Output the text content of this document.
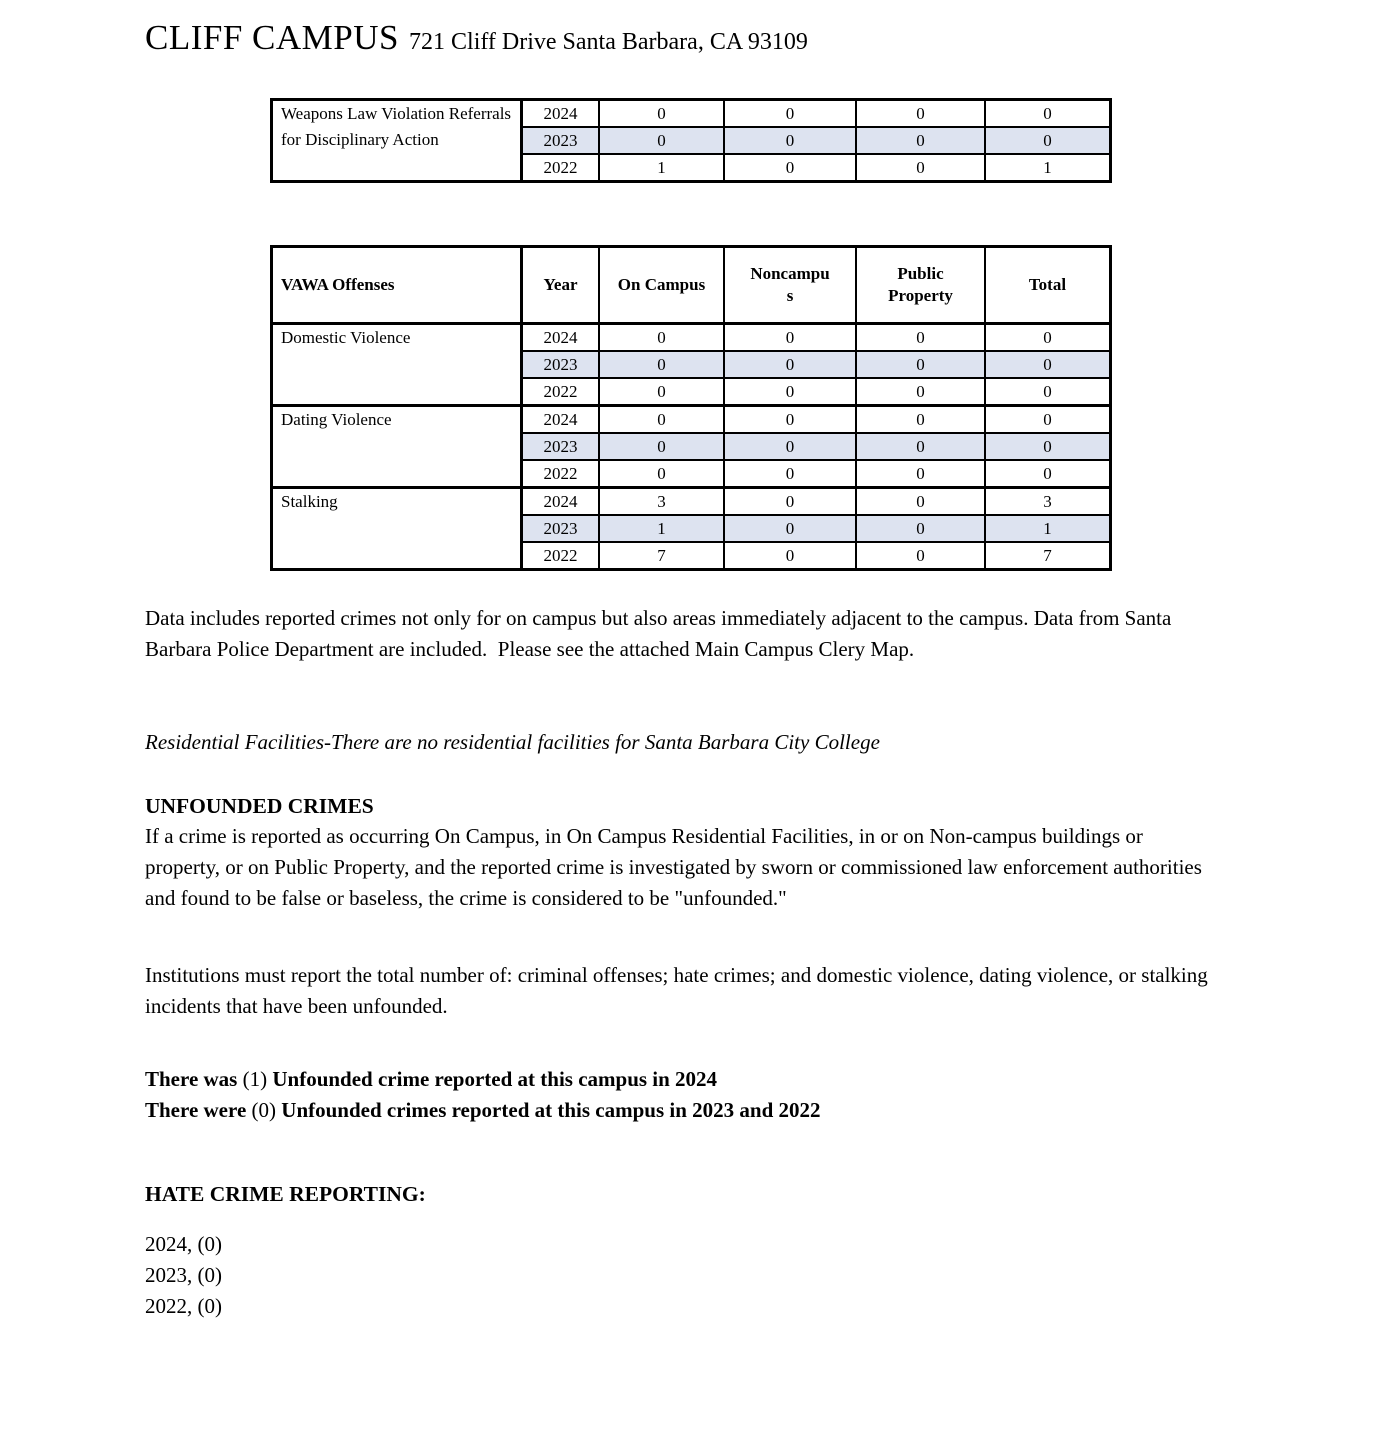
CLIFF CAMPUS 721 Cliff Drive Santa Barbara, CA 93109
Weapons Law Violation Referrals for Disciplinary Action	2024	0	0	0	0
	2023	0	0	0	0
	2022	1	0	0	1
VAWA Offenses	Year	On Campus	Noncampus	Public Property	Total
Domestic Violence	2024	0	0	0	0
	2023	0	0	0	0
	2022	0	0	0	0
Dating Violence	2024	0	0	0	0
	2023	0	0	0	0
	2022	0	0	0	0
Stalking	2024	3	0	0	3
	2023	1	0	0	1
	2022	7	0	0	7

Data includes reported crimes not only for on campus but also areas immediately adjacent to the campus. Data from Santa Barbara Police Department are included.  Please see the attached Main Campus Clery Map.

Residential Facilities-There are no residential facilities for Santa Barbara City College

UNFOUNDED CRIMES

If a crime is reported as occurring On Campus, in On Campus Residential Facilities, in or on Non-campus buildings or property, or on Public Property, and the reported crime is investigated by sworn or commissioned law enforcement authorities and found to be false or baseless, the crime is considered to be "unfounded."

Institutions must report the total number of: criminal offenses; hate crimes; and domestic violence, dating violence, or stalking incidents that have been unfounded.

There was (1) Unfounded crime reported at this campus in 2024
There were (0) Unfounded crimes reported at this campus in 2023 and 2022
HATE CRIME REPORTING:
2024, (0)
2023, (0)
2022, (0)
